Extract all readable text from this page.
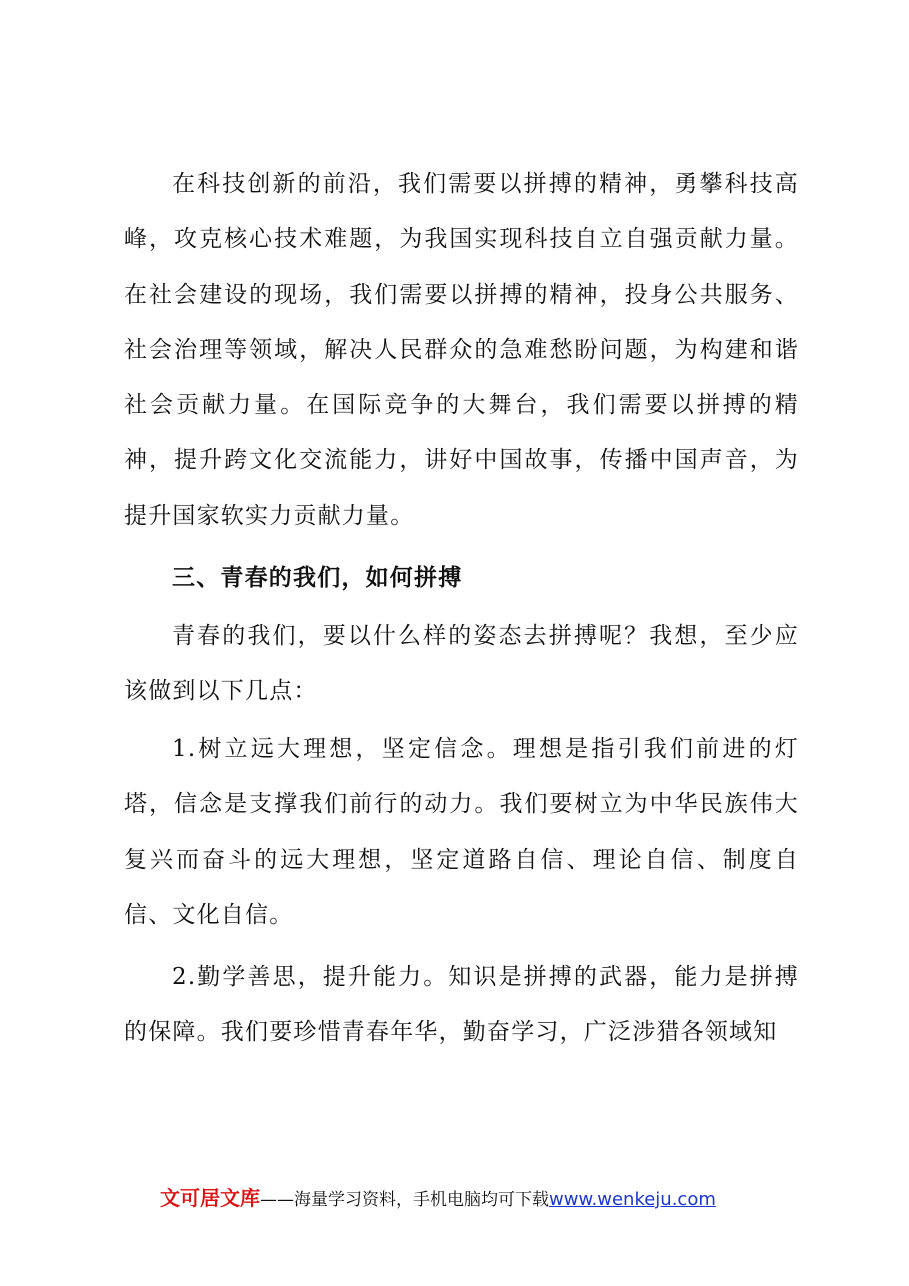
在科技创新的前沿，我们需要以拼搏的精神，勇攀科技高峰，攻克核心技术难题，为我国实现科技自立自强贡献力量。在社会建设的现场，我们需要以拼搏的精神，投身公共服务、社会治理等领域，解决人民群众的急难愁盼问题，为构建和谐社会贡献力量。在国际竞争的大舞台，我们需要以拼搏的精神，提升跨文化交流能力，讲好中国故事，传播中国声音，为提升国家软实力贡献力量。

三、青春的我们，如何拼搏

青春的我们，要以什么样的姿态去拼搏呢？我想，至少应该做到以下几点：

1.树立远大理想，坚定信念。理想是指引我们前进的灯塔，信念是支撑我们前行的动力。我们要树立为中华民族伟大复兴而奋斗的远大理想，坚定道路自信、理论自信、制度自信、文化自信。

2.勤学善思，提升能力。知识是拼搏的武器，能力是拼搏的保障。我们要珍惜青春年华，勤奋学习，广泛涉猎各领域知

文可居文库——海量学习资料，手机电脑均可下载www.wenkeju.com
